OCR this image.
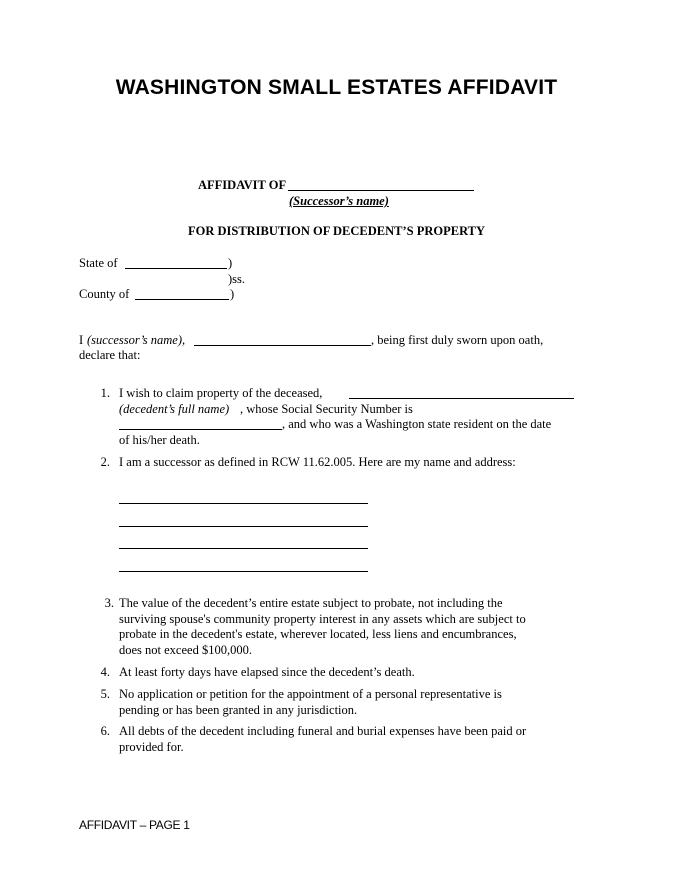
WASHINGTON SMALL ESTATES AFFIDAVIT
AFFIDAVIT OF
(Successor’s name)
FOR DISTRIBUTION OF DECEDENT’S PROPERTY
State of	)
)ss.
County of	)
I (successor’s name),	, being first duly sworn upon oath,
declare that:
1. I wish to claim property of the deceased,
(decedent’s full name) , whose Social Security Number is
, and who was a Washington state resident on the date
of his/her death.
2. I am a successor as defined in RCW 11.62.005. Here are my name and address:
3. The value of the decedent’s entire estate subject to probate, not including the
surviving spouse's community property interest in any assets which are subject to
probate in the decedent's estate, wherever located, less liens and encumbrances,
does not exceed $100,000.
4. At least forty days have elapsed since the decedent’s death.
5. No application or petition for the appointment of a personal representative is
pending or has been granted in any jurisdiction.
6. All debts of the decedent including funeral and burial expenses have been paid or
provided for.
AFFIDAVIT – PAGE 1
